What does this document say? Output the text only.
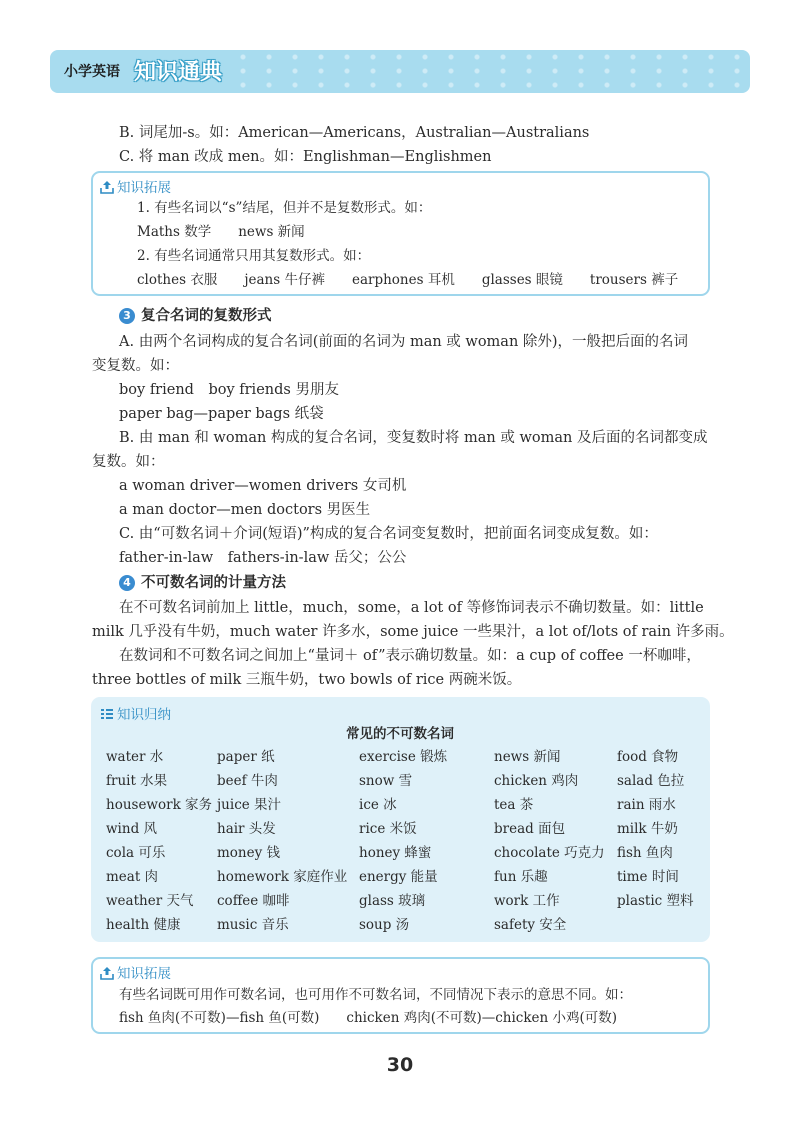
小学英语 知识通典
B. 词尾加-s。如：American—Americans，Australian—Australians
C. 将 man 改成 men。如：Englishman—Englishmen
知识拓展
1. 有些名词以“s”结尾，但并不是复数形式。如：
Maths 数学　　news 新闻
2. 有些名词通常只用其复数形式。如：
clothes 衣服　　jeans 牛仔裤　　earphones 耳机　　glasses 眼镜　　trousers 裤子
3 复合名词的复数形式
A. 由两个名词构成的复合名词(前面的名词为 man 或 woman 除外)，一般把后面的名词
变复数。如：
boy friend　boy friends 男朋友
paper bag—paper bags 纸袋
B. 由 man 和 woman 构成的复合名词，变复数时将 man 或 woman 及后面的名词都变成
复数。如：
a woman driver—women drivers 女司机
a man doctor—men doctors 男医生
C. 由“可数名词＋介词(短语)”构成的复合名词变复数时，把前面名词变成复数。如：
father-in-law　fathers-in-law 岳父；公公
4 不可数名词的计量方法
在不可数名词前加上 little，much，some，a lot of 等修饰词表示不确切数量。如：little
milk 几乎没有牛奶，much water 许多水，some juice 一些果汁，a lot of/lots of rain 许多雨。
在数词和不可数名词之间加上“量词＋ of”表示确切数量。如：a cup of coffee 一杯咖啡，
three bottles of milk 三瓶牛奶，two bowls of rice 两碗米饭。
知识归纳
常见的不可数名词
water 水
fruit 水果
housework 家务
wind 风
cola 可乐
meat 肉
weather 天气
health 健康
paper 纸
beef 牛肉
juice 果汁
hair 头发
money 钱
homework 家庭作业
coffee 咖啡
music 音乐
exercise 锻炼
snow 雪
ice 冰
rice 米饭
honey 蜂蜜
energy 能量
glass 玻璃
soup 汤
news 新闻
chicken 鸡肉
tea 茶
bread 面包
chocolate 巧克力
fun 乐趣
work 工作
safety 安全
food 食物
salad 色拉
rain 雨水
milk 牛奶
fish 鱼肉
time 时间
plastic 塑料
知识拓展
有些名词既可用作可数名词，也可用作不可数名词，不同情况下表示的意思不同。如：
fish 鱼肉(不可数)—fish 鱼(可数)　　chicken 鸡肉(不可数)—chicken 小鸡(可数)
30
